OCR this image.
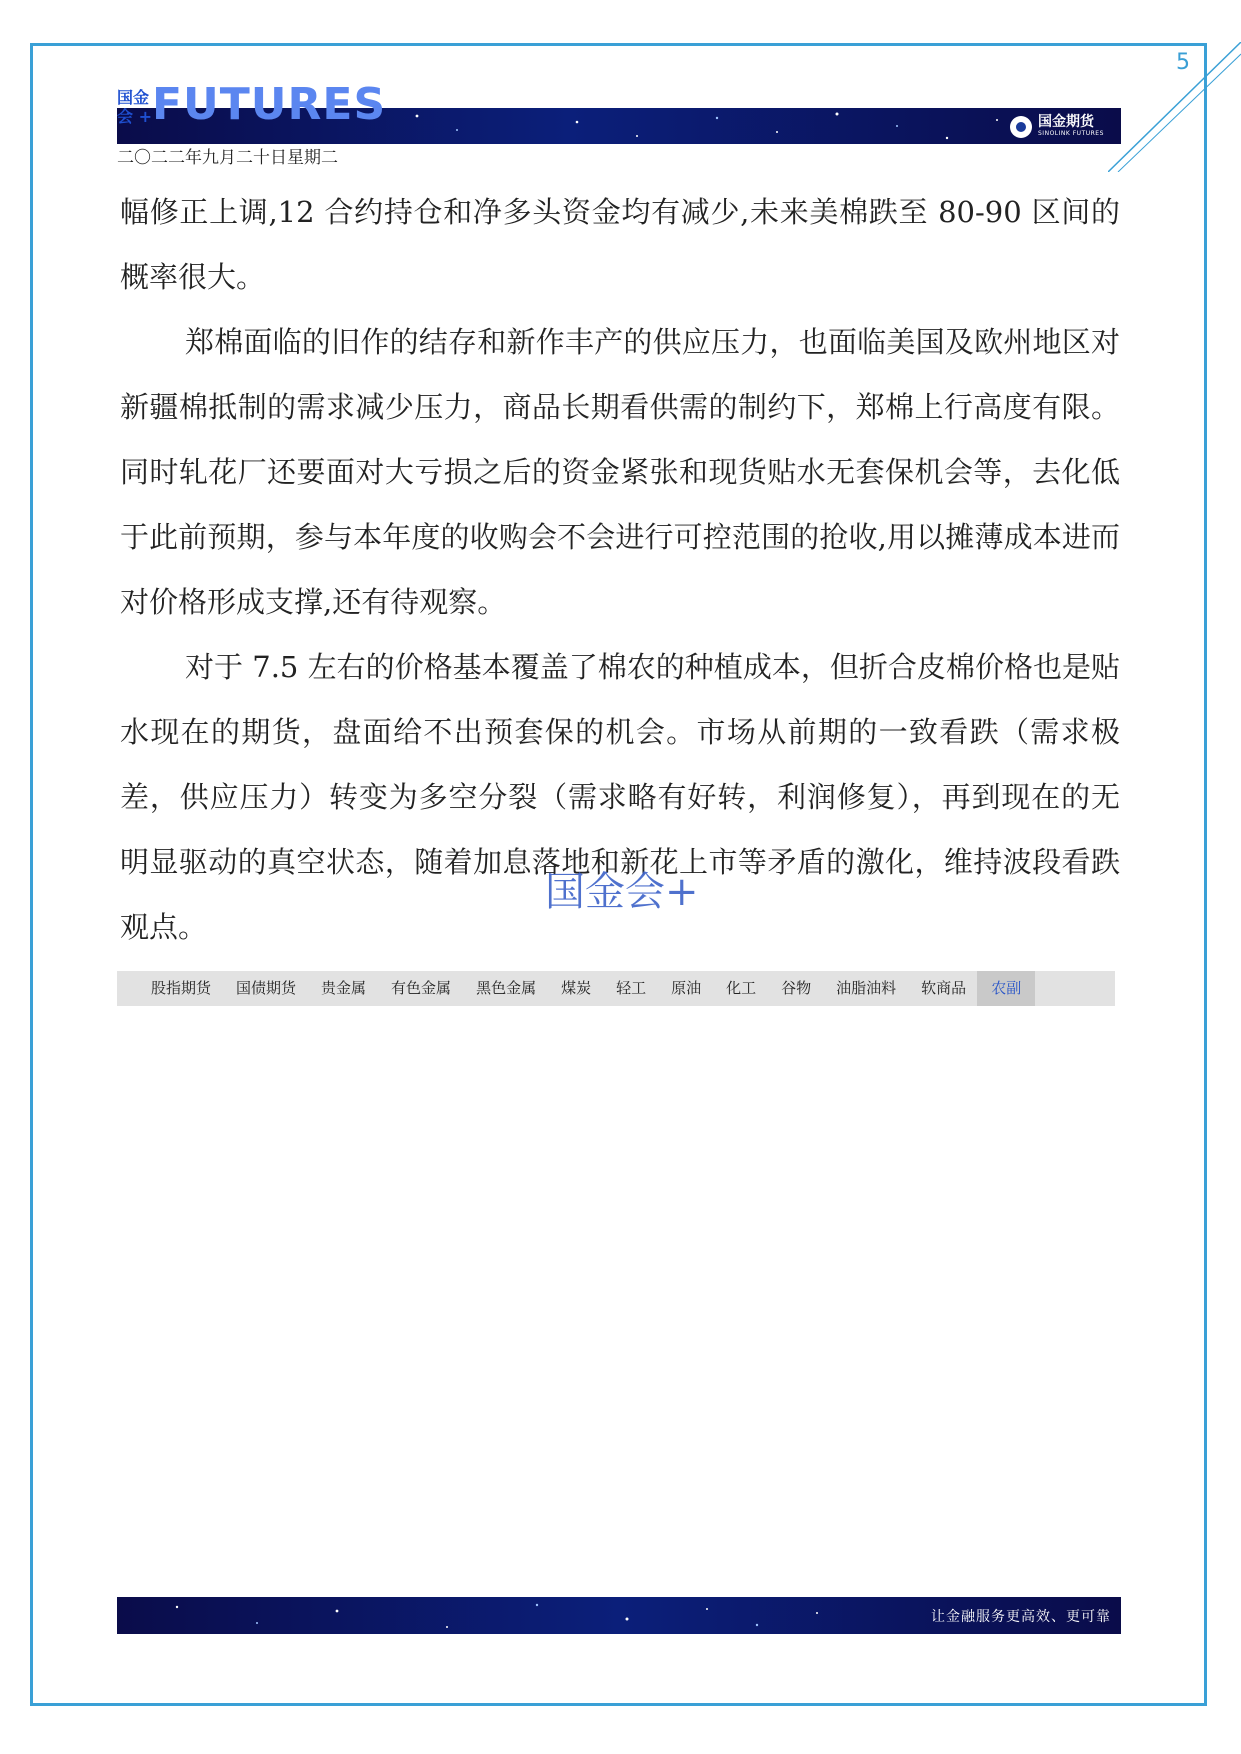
5
国金
会 + FUTURES	国金期货
SINOLINK FUTURES
二〇二二年九月二十日星期二

幅修正上调,12 合约持仓和净多头资金均有减少,未来美棉跌至 80-90 区间的概率很大。

郑棉面临的旧作的结存和新作丰产的供应压力，也面临美国及欧州地区对新疆棉抵制的需求减少压力，商品长期看供需的制约下，郑棉上行高度有限。同时轧花厂还要面对大亏损之后的资金紧张和现货贴水无套保机会等，去化低于此前预期，参与本年度的收购会不会进行可控范围的抢收,用以摊薄成本进而对价格形成支撑,还有待观察。

对于 7.5 左右的价格基本覆盖了棉农的种植成本，但折合皮棉价格也是贴水现在的期货，盘面给不出预套保的机会。市场从前期的一致看跌（需求极差，供应压力）转变为多空分裂（需求略有好转，利润修复），再到现在的无明显驱动的真空状态，随着加息落地和新花上市等矛盾的激化，维持波段看跌观点。

国金会+
股指期货 国债期货 贵金属 有色金属 黑色金属 煤炭 轻工 原油 化工 谷物 油脂油料 软商品	农副
让金融服务更高效、更可靠
